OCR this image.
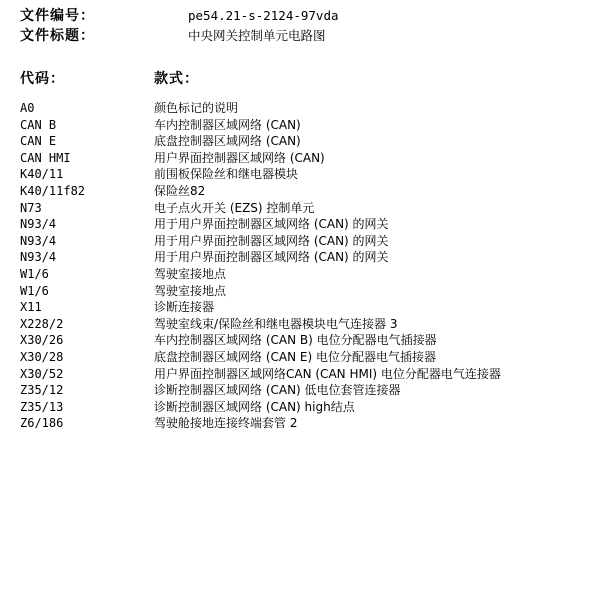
文件编号：	pe54.21-s-2124-97vda
文件标题：	中央网关控制单元电路图
代码：	款式：
A0	颜色标记的说明
CAN B	车内控制器区域网络 (CAN)
CAN E	底盘控制器区域网络 (CAN)
CAN HMI	用户界面控制器区域网络 (CAN)
K40/11	前围板保险丝和继电器模块
K40/11f82	保险丝82
N73	电子点火开关 (EZS) 控制单元
N93/4	用于用户界面控制器区域网络 (CAN) 的网关
N93/4	用于用户界面控制器区域网络 (CAN) 的网关
N93/4	用于用户界面控制器区域网络 (CAN) 的网关
W1/6	驾驶室接地点
W1/6	驾驶室接地点
X11	诊断连接器
X228/2	驾驶室线束/保险丝和继电器模块电气连接器 3
X30/26	车内控制器区域网络 (CAN B) 电位分配器电气插接器
X30/28	底盘控制器区域网络 (CAN E) 电位分配器电气插接器
X30/52	用户界面控制器区域网络CAN (CAN HMI) 电位分配器电气连接器
Z35/12	诊断控制器区域网络 (CAN) 低电位套管连接器
Z35/13	诊断控制器区域网络 (CAN) high结点
Z6/186	驾驶舱接地连接终端套管 2
